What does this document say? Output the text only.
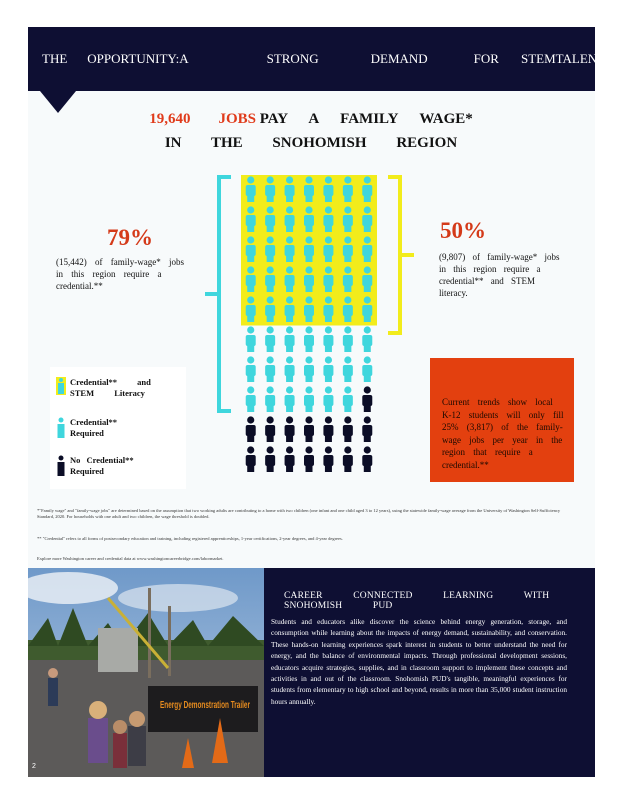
THE OPPORTUNITY:A	STRONG	DEMAND	FOR STEMTALENT
19,640 JOBS PAY A FAMILY WAGE*
IN THE SNOHOMISH REGION
79%
(15,442) of family-wage* jobs in this region require a credential.**
50%
(9,807) of family-wage* jobs in this region require a credential** and STEM literacy.
Credential** and STEM Literacy
Credential** Required
No Credential** Required
Current trends show local K-12 students will only fill 25% (3,817) of the family-wage jobs per year in the region that require a credential.**
*"Family wage" and "family-wage jobs" are determined based on the assumption that two working adults are contributing to a home with two children (one infant and one child aged 3 to 12 years), using the statewide family-wage average from the University of Washington Self-Sufficiency Standard, 2020. For households with one adult and two children, the wage threshold is doubled.
** "Credential" refers to all forms of postsecondary education and training, including registered apprenticeships, 1-year certifications, 2-year degrees, and 4-year degrees.
Explore more Washington career and credential data at www.washingtoncareerbridge.com/labormarket.
Energy Demonstration Trailer
CAREER CONNECTED LEARNING WITH SNOHOMISH PUD
Students and educators alike discover the science behind energy generation, storage, and consumption while learning about the impacts of energy demand, sustainability, and conservation. These hands-on learning experiences spark interest in students to better understand the need for energy, and the balance of environmental impacts. Through professional development sessions, educators acquire strategies, supplies, and in classroom support to implement these concepts and activities in and out of the classroom. Snohomish PUD's tangible, meaningful experiences for students from elementary to high school and beyond, results in more than 35,000 student instruction hours annually.
2
